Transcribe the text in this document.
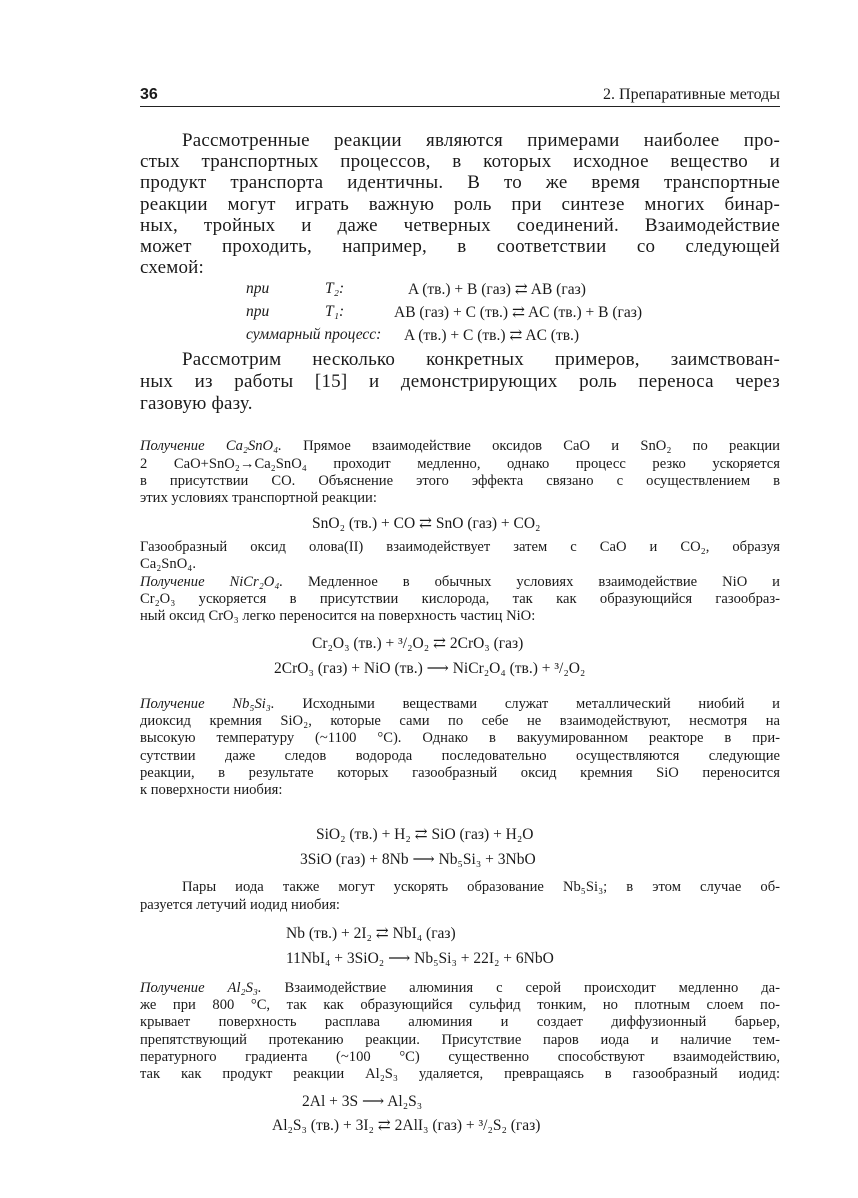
36	2. Препаративные методы
Рассмотренные реакции являются примерами наиболее про-
стых транспортных процессов, в которых исходное вещество и
продукт транспорта идентичны. В то же время транспортные
реакции могут играть важную роль при синтезе многих бинар-
ных, тройных и даже четверных соединений. Взаимодействие
может проходить, например, в соответствии со следующей
схемой:
при	T₂:	A (тв.) + B (газ) ⇄ AB (газ)
при	T₁:	AB (газ) + C (тв.) ⇄ AC (тв.) + B (газ)
суммарный процесс: A (тв.) + C (тв.) ⇄ AC (тв.)
Рассмотрим несколько конкретных примеров, заимствован-
ных из работы [15] и демонстрирующих роль переноса через
газовую фазу.
Получение Ca₂SnO₄. Прямое взаимодействие оксидов CaO и SnO₂ по реакции
2 CaO+SnO₂→Ca₂SnO₄ проходит медленно, однако процесс резко ускоряется
в присутствии CO. Объяснение этого эффекта связано с осуществлением в
этих условиях транспортной реакции:
SnO₂ (тв.) + CO ⇄ SnO (газ) + CO₂
Газообразный оксид олова(II) взаимодействует затем с CaO и CO₂, образуя
Ca₂SnO₄.
Получение NiCr₂O₄. Медленное в обычных условиях взаимодействие NiO и
Cr₂O₃ ускоряется в присутствии кислорода, так как образующийся газообраз-
ный оксид CrO₃ легко переносится на поверхность частиц NiO:
Cr₂O₃ (тв.) + ³/₂O₂ ⇄ 2CrO₃ (газ)
2CrO₃ (газ) + NiO (тв.) ⟶ NiCr₂O₄ (тв.) + ³/₂O₂
Получение Nb₅Si₃. Исходными веществами служат металлический ниобий и
диоксид кремния SiO₂, которые сами по себе не взаимодействуют, несмотря на
высокую температуру (~1100 °C). Однако в вакуумированном реакторе в при-
сутствии даже следов водорода последовательно осуществляются следующие
реакции, в результате которых газообразный оксид кремния SiO переносится
к поверхности ниобия:
SiO₂ (тв.) + H₂ ⇄ SiO (газ) + H₂O
3SiO (газ) + 8Nb ⟶ Nb₅Si₃ + 3NbO
Пары иода также могут ускорять образование Nb₅Si₃; в этом случае об-
разуется летучий иодид ниобия:
Nb (тв.) + 2I₂ ⇄ NbI₄ (газ)
11NbI₄ + 3SiO₂ ⟶ Nb₅Si₃ + 22I₂ + 6NbO
Получение Al₂S₃. Взаимодействие алюминия с серой происходит медленно да-
же при 800 °C, так как образующийся сульфид тонким, но плотным слоем по-
крывает поверхность расплава алюминия и создает диффузионный барьер,
препятствующий протеканию реакции. Присутствие паров иода и наличие тем-
пературного градиента (~100 °C) существенно способствуют взаимодействию,
так как продукт реакции Al₂S₃ удаляется, превращаясь в газообразный иодид:
2Al + 3S ⟶ Al₂S₃
Al₂S₃ (тв.) + 3I₂ ⇄ 2AlI₃ (газ) + ³/₂S₂ (газ)
